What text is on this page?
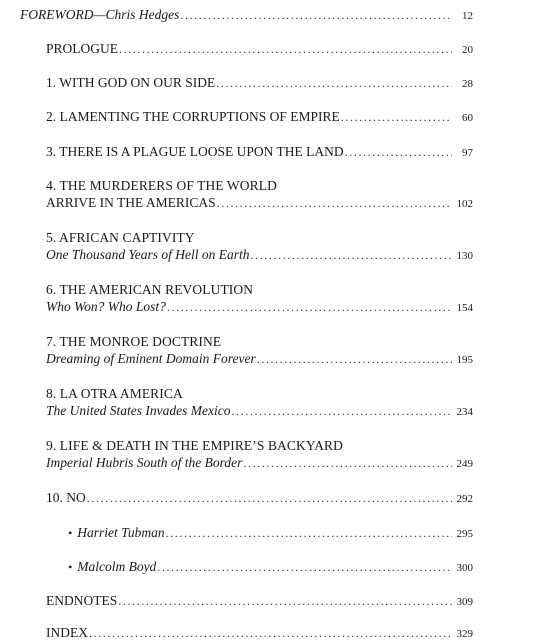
FOREWORD—Chris Hedges .....	12
PROLOGUE .....	20
1. WITH GOD ON OUR SIDE .....	28
2. LAMENTING THE CORRUPTIONS OF EMPIRE .....	60
3. THERE IS A PLAGUE LOOSE UPON THE LAND .....	97
4. THE MURDERERS OF THE WORLD
ARRIVE IN THE AMERICAS .....	102
5. AFRICAN CAPTIVITY
One Thousand Years of Hell on Earth .....	130
6. THE AMERICAN REVOLUTION
Who Won? Who Lost? .....	154
7. THE MONROE DOCTRINE
Dreaming of Eminent Domain Forever .....	195
8. LA OTRA AMERICA
The United States Invades Mexico .....	234
9. LIFE & DEATH IN THE EMPIRE’S BACKYARD
Imperial Hubris South of the Border .....	249
10. NO .....	292
• Harriet Tubman .....	295
• Malcolm Boyd .....	300
ENDNOTES .....	309
INDEX .....	329
